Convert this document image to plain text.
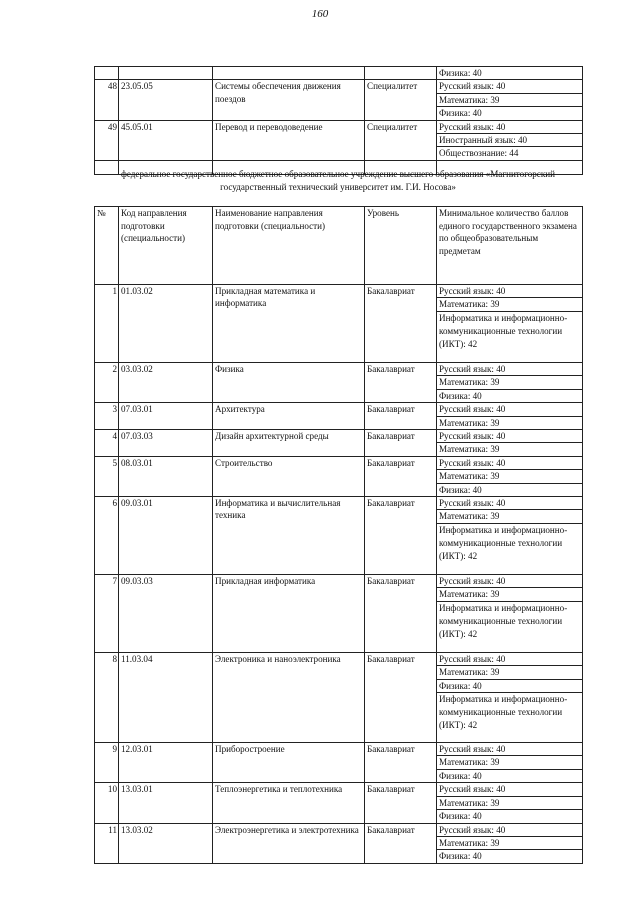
160

				Физика: 40

48	23.05.05	Системы обеспечения движения поездов	Специалитет	Русский язык: 40
Математика: 39
Физика: 40

49	45.05.01	Перевод и переводоведение	Специалитет	Русский язык: 40
Иностранный язык: 40
Обществознание: 44

федеральное государственное бюджетное образовательное учреждение высшего образования «Магнитогорский государственный технический университет им. Г.И. Носова»
№	Код направления подготовки (специальности)	Наименование направления подготовки (специальности)	Уровень	Минимальное количество баллов единого государственного экзамена по общеобразовательным предметам
1	01.03.02	Прикладная математика и информатика	Бакалавриат	Русский язык: 40
Математика: 39
Информатика и информационно-коммуникационные технологии (ИКТ): 42

2	03.03.02	Физика	Бакалавриат	Русский язык: 40
Математика: 39
Физика: 40

3	07.03.01	Архитектура	Бакалавриат	Русский язык: 40
Математика: 39

4	07.03.03	Дизайн архитектурной среды	Бакалавриат	Русский язык: 40
Математика: 39

5	08.03.01	Строительство	Бакалавриат	Русский язык: 40
Математика: 39
Физика: 40

6	09.03.01	Информатика и вычислительная техника	Бакалавриат	Русский язык: 40
Математика: 39
Информатика и информационно-коммуникационные технологии (ИКТ): 42

7	09.03.03	Прикладная информатика	Бакалавриат	Русский язык: 40
Математика: 39
Информатика и информационно-коммуникационные технологии (ИКТ): 42

8	11.03.04	Электроника и наноэлектроника	Бакалавриат	Русский язык: 40
Математика: 39
Физика: 40
Информатика и информационно-коммуникационные технологии (ИКТ): 42

9	12.03.01	Приборостроение	Бакалавриат	Русский язык: 40
Математика: 39
Физика: 40

10	13.03.01	Теплоэнергетика и теплотехника	Бакалавриат	Русский язык: 40
Математика: 39
Физика: 40

11	13.03.02	Электроэнергетика и электротехника	Бакалавриат	Русский язык: 40
Математика: 39
Физика: 40
